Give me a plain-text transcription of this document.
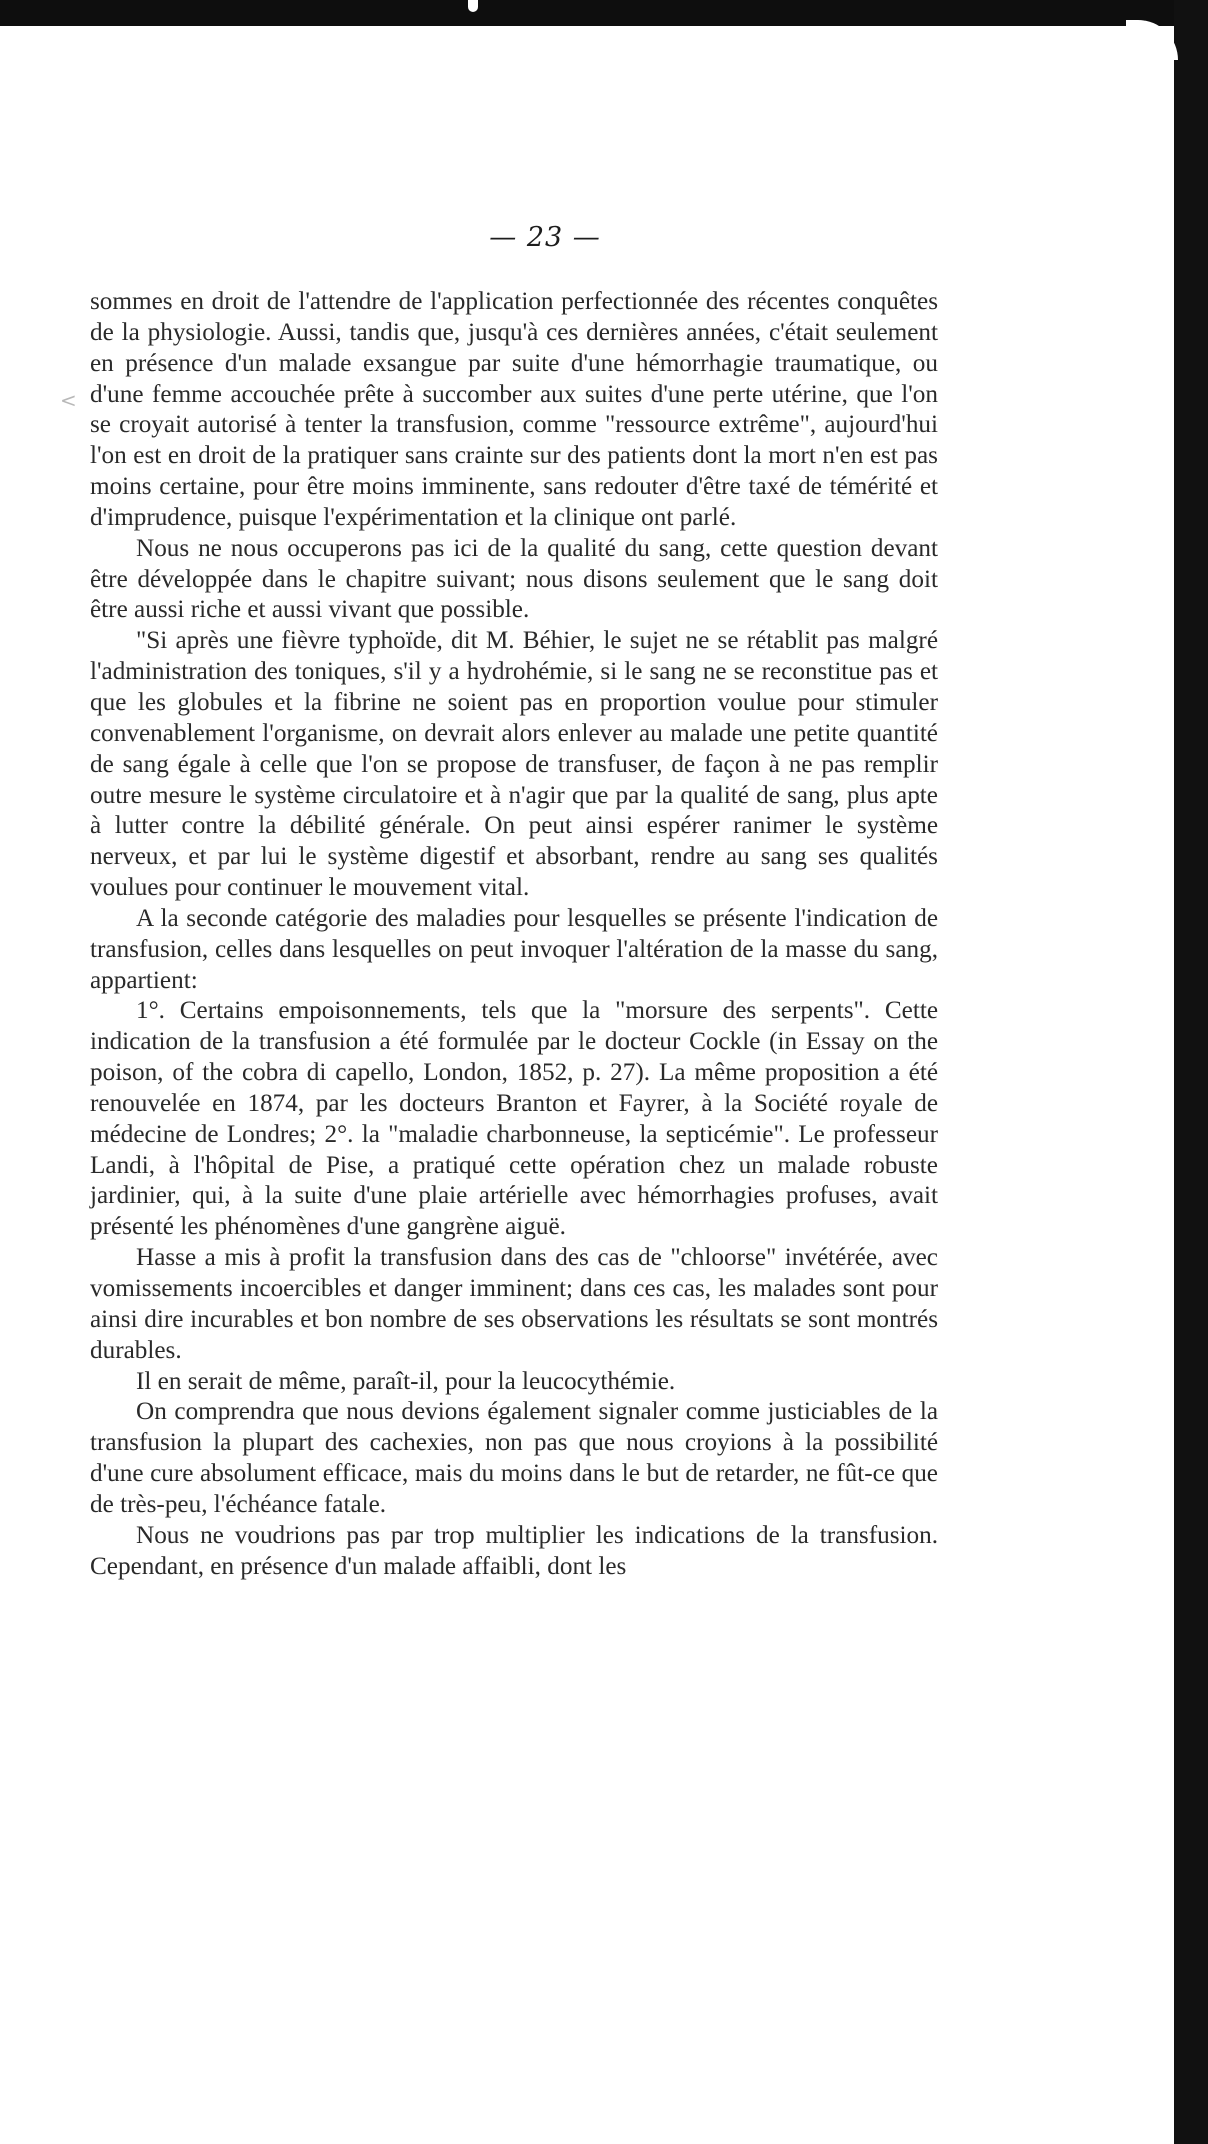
<
— 23 —

sommes en droit de l'attendre de l'application perfectionnée des récentes conquêtes de la physiologie. Aussi, tandis que, jusqu'à ces dernières années, c'était seulement en présence d'un malade exsangue par suite d'une hémorrhagie traumatique, ou d'une femme accouchée prête à succomber aux suites d'une perte utérine, que l'on se croyait autorisé à tenter la transfusion, comme "ressource extrême", aujourd'hui l'on est en droit de la pratiquer sans crainte sur des patients dont la mort n'en est pas moins certaine, pour être moins imminente, sans redouter d'être taxé de témérité et d'imprudence, puisque l'expérimentation et la clinique ont parlé.

Nous ne nous occuperons pas ici de la qualité du sang, cette question devant être développée dans le chapitre suivant; nous disons seulement que le sang doit être aussi riche et aussi vivant que possible.

"Si après une fièvre typhoïde, dit M. Béhier, le sujet ne se rétablit pas malgré l'administration des toniques, s'il y a hydrohémie, si le sang ne se reconstitue pas et que les globules et la fibrine ne soient pas en proportion voulue pour stimuler convenablement l'organisme, on devrait alors enlever au malade une petite quantité de sang égale à celle que l'on se propose de transfuser, de façon à ne pas remplir outre mesure le système circulatoire et à n'agir que par la qualité de sang, plus apte à lutter contre la débilité générale. On peut ainsi espérer ranimer le système nerveux, et par lui le système digestif et absorbant, rendre au sang ses qualités voulues pour continuer le mouvement vital.

A la seconde catégorie des maladies pour lesquelles se présente l'indication de transfusion, celles dans lesquelles on peut invoquer l'altération de la masse du sang, appartient:

1°. Certains empoisonnements, tels que la "morsure des serpents". Cette indication de la transfusion a été formulée par le docteur Cockle (in Essay on the poison, of the cobra di capello, London, 1852, p. 27). La même proposition a été renouvelée en 1874, par les docteurs Branton et Fayrer, à la Société royale de médecine de Londres; 2°. la "maladie charbonneuse, la septicémie". Le professeur Landi, à l'hôpital de Pise, a pratiqué cette opération chez un malade robuste jardinier, qui, à la suite d'une plaie artérielle avec hémorrhagies profuses, avait présenté les phénomènes d'une gangrène aiguë.

Hasse a mis à profit la transfusion dans des cas de "chloorse" invétérée, avec vomissements incoercibles et danger imminent; dans ces cas, les malades sont pour ainsi dire incurables et bon nombre de ses observations les résultats se sont montrés durables.

Il en serait de même, paraît-il, pour la leucocythémie.

On comprendra que nous devions également signaler comme justiciables de la transfusion la plupart des cachexies, non pas que nous croyions à la possibilité d'une cure absolument efficace, mais du moins dans le but de retarder, ne fût-ce que de très-peu, l'échéance fatale.

Nous ne voudrions pas par trop multiplier les indications de la transfusion. Cependant, en présence d'un malade affaibli, dont les
